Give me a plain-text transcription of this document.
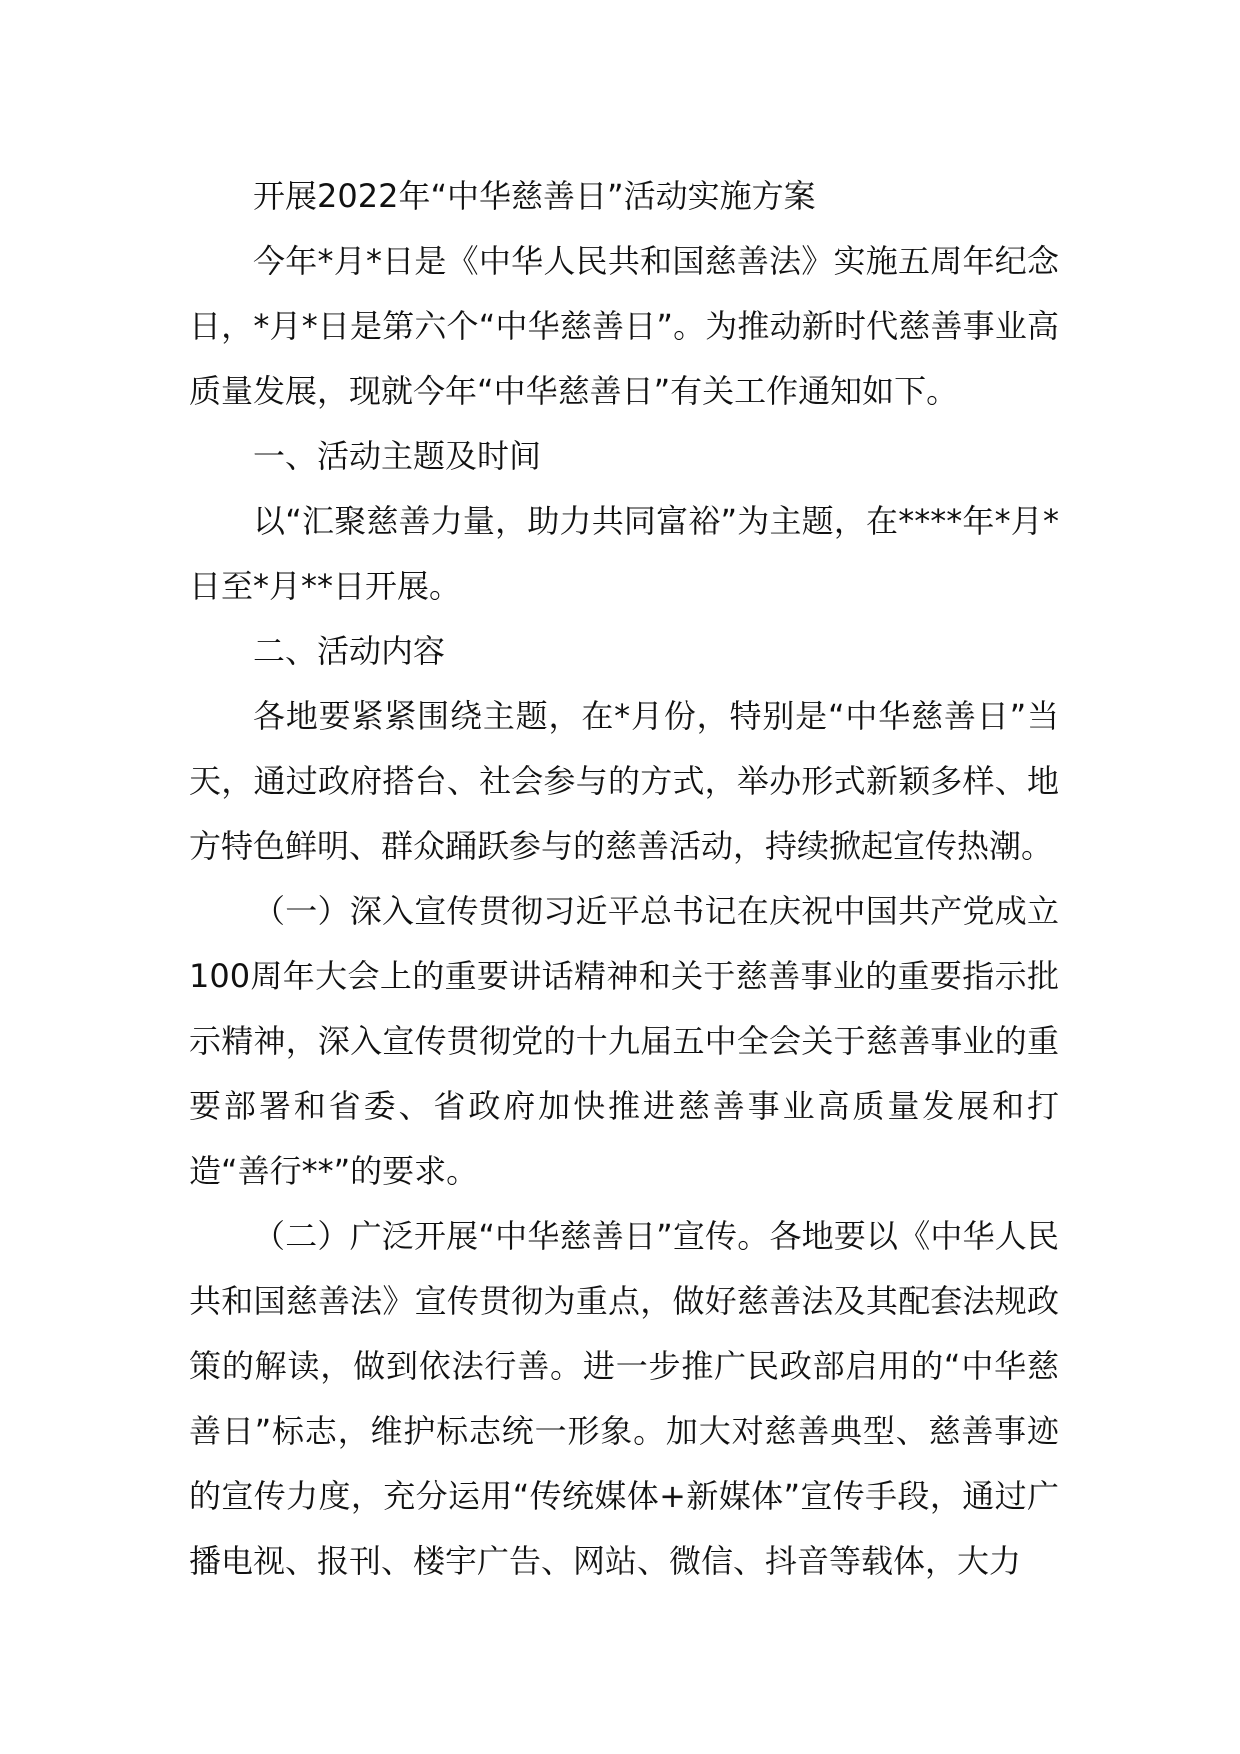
开展2022年“中华慈善日”活动实施方案

今年*月*日是《中华人民共和国慈善法》实施五周年纪念日，*月*日是第六个“中华慈善日”。为推动新时代慈善事业高质量发展，现就今年“中华慈善日”有关工作通知如下。

一、活动主题及时间

以“汇聚慈善力量，助力共同富裕”为主题，在****年*月*日至*月**日开展。

二、活动内容

各地要紧紧围绕主题，在*月份，特别是“中华慈善日”当天，通过政府搭台、社会参与的方式，举办形式新颖多样、地方特色鲜明、群众踊跃参与的慈善活动，持续掀起宣传热潮。

（一）深入宣传贯彻习近平总书记在庆祝中国共产党成立100周年大会上的重要讲话精神和关于慈善事业的重要指示批示精神，深入宣传贯彻党的十九届五中全会关于慈善事业的重要部署和省委、省政府加快推进慈善事业高质量发展和打造“善行**”的要求。

（二）广泛开展“中华慈善日”宣传。各地要以《中华人民共和国慈善法》宣传贯彻为重点，做好慈善法及其配套法规政策的解读，做到依法行善。进一步推广民政部启用的“中华慈善日”标志，维护标志统一形象。加大对慈善典型、慈善事迹的宣传力度，充分运用“传统媒体+新媒体”宣传手段，通过广播电视、报刊、楼宇广告、网站、微信、抖音等载体，大力
